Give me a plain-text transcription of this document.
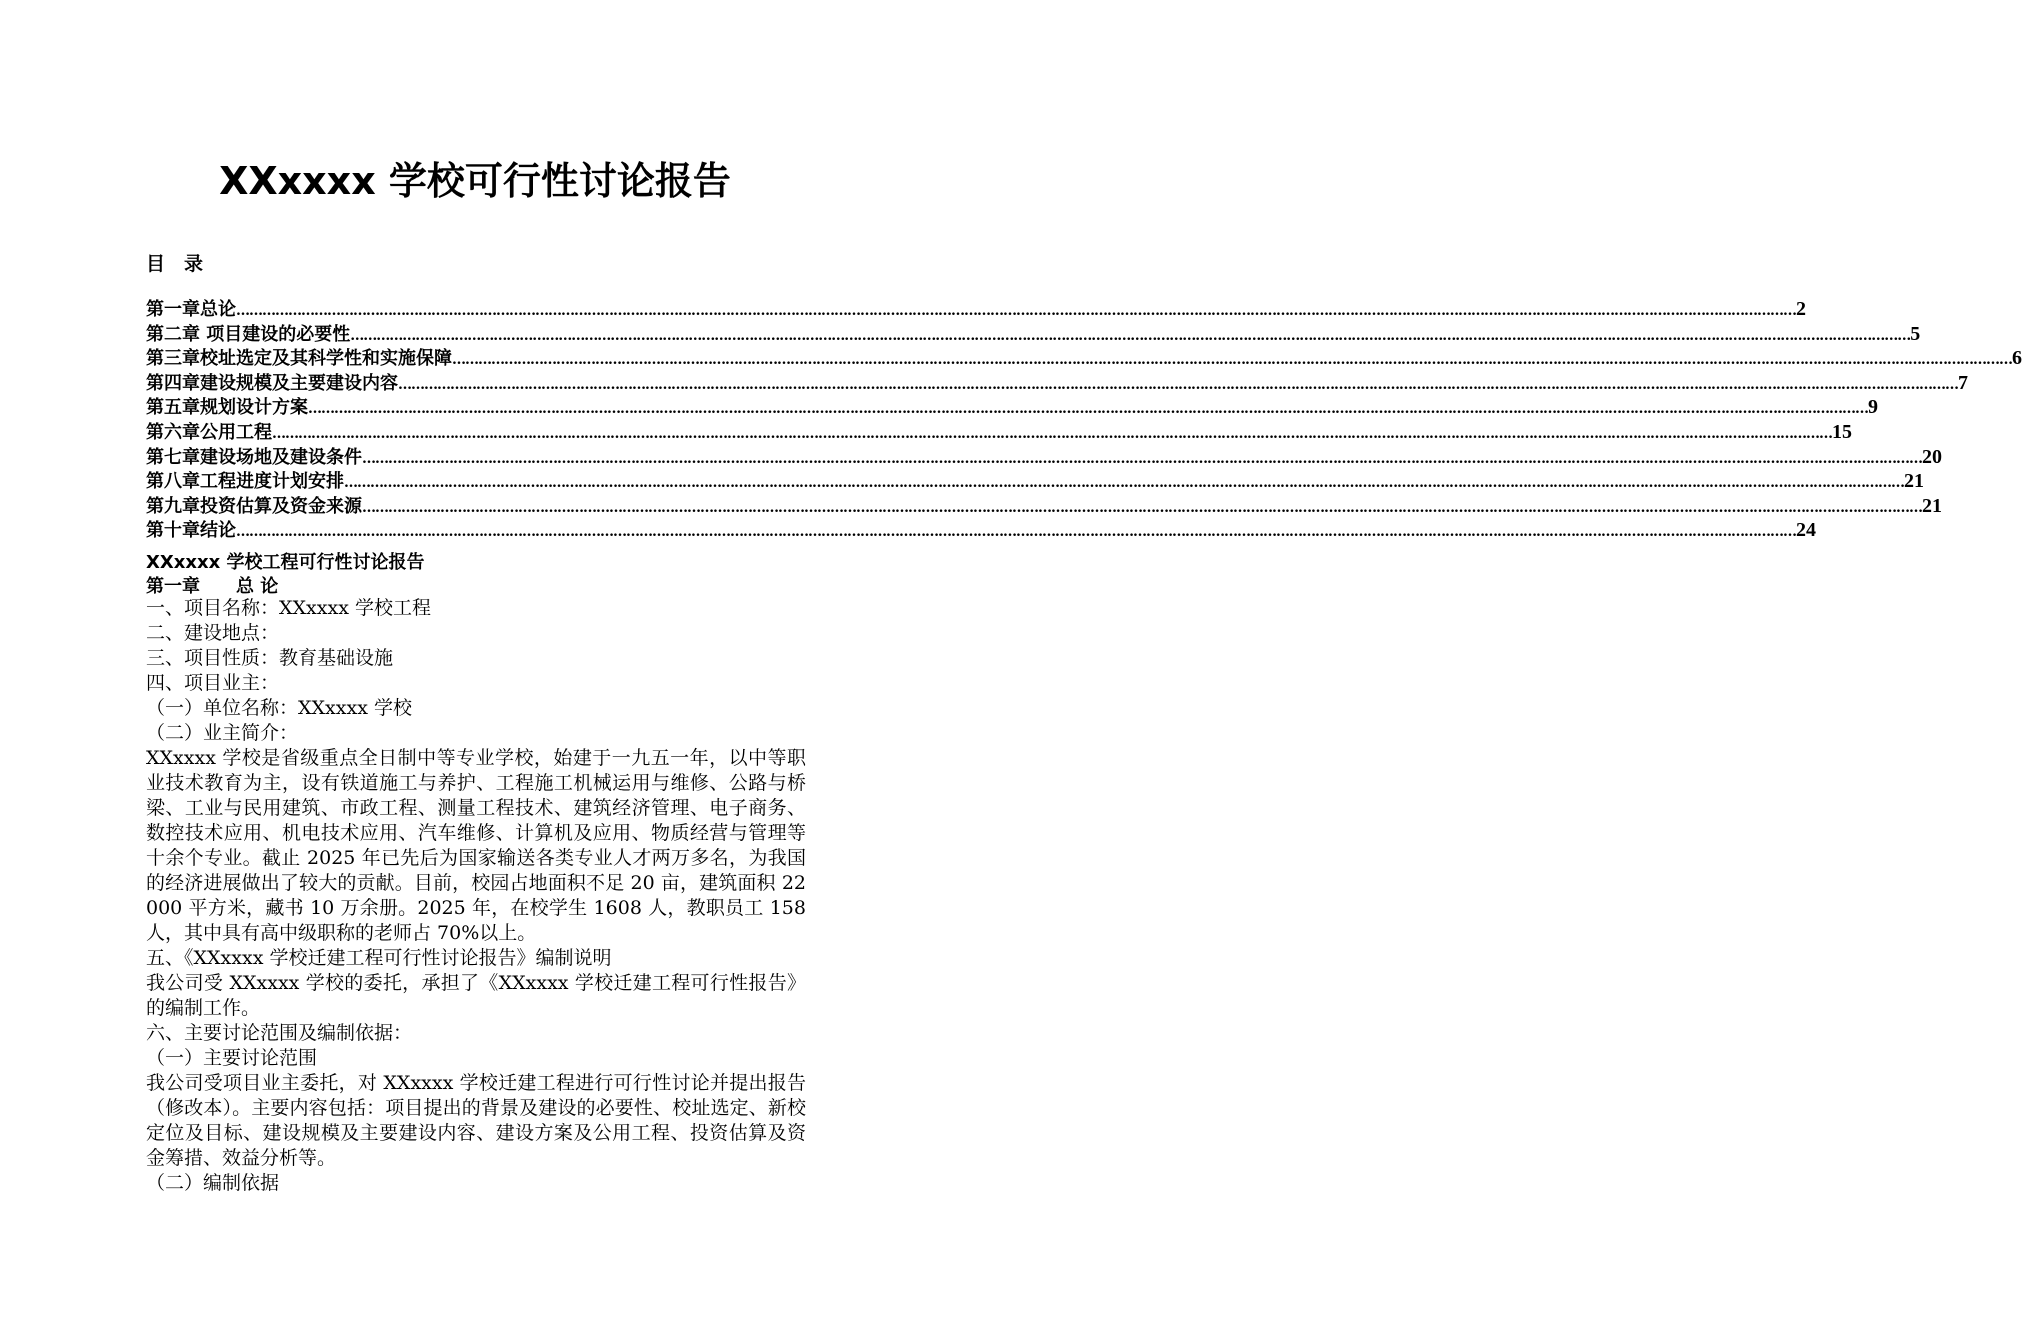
XXxxxx 学校可行性讨论报告
目　录
第一章总论 ……………………………………………………………………………………………………………………………………………………………………………………………………………………………………………………………………………………………………………………………… 2
第二章 项目建设的必要性 ……………………………………………………………………………………………………………………………………………………………………………………………………………………………………………………………………………………………………………………………… 5
第三章校址选定及其科学性和实施保障 ……………………………………………………………………………………………………………………………………………………………………………………………………………………………………………………………………………………………………………………………… 6
第四章建设规模及主要建设内容 ……………………………………………………………………………………………………………………………………………………………………………………………………………………………………………………………………………………………………………………………… 7
第五章规划设计方案 ……………………………………………………………………………………………………………………………………………………………………………………………………………………………………………………………………………………………………………………………… 9
第六章公用工程 ……………………………………………………………………………………………………………………………………………………………………………………………………………………………………………………………………………………………………………………………… 15
第七章建设场地及建设条件 ……………………………………………………………………………………………………………………………………………………………………………………………………………………………………………………………………………………………………………………………… 20
第八章工程进度计划安排 ……………………………………………………………………………………………………………………………………………………………………………………………………………………………………………………………………………………………………………………………… 21
第九章投资估算及资金来源 ……………………………………………………………………………………………………………………………………………………………………………………………………………………………………………………………………………………………………………………………… 21
第十章结论 ……………………………………………………………………………………………………………………………………………………………………………………………………………………………………………………………………………………………………………………………… 24
XXxxxx 学校工程可行性讨论报告
第一章　　总 论
一、项目名称：XXxxxx 学校工程
二、建设地点：
三、项目性质：教育基础设施
四、项目业主：
（一）单位名称：XXxxxx 学校
（二）业主简介：
XXxxxx 学校是省级重点全日制中等专业学校，始建于一九五一年，以中等职业技术教育为主，设有铁道施工与养护、工程施工机械运用与维修、公路与桥梁、工业与民用建筑、市政工程、测量工程技术、建筑经济管理、电子商务、数控技术应用、机电技术应用、汽车维修、计算机及应用、物质经营与管理等十余个专业。截止 2025 年已先后为国家输送各类专业人才两万多名，为我国的经济进展做出了较大的贡献。目前，校园占地面积不足 20 亩，建筑面积 22000 平方米，藏书 10 万余册。2025 年，在校学生 1608 人，教职员工 158 人，其中具有高中级职称的老师占 70%以上。
五、《XXxxxx 学校迁建工程可行性讨论报告》编制说明
我公司受 XXxxxx 学校的委托，承担了《XXxxxx 学校迁建工程可行性报告》的编制工作。
六、主要讨论范围及编制依据：
（一）主要讨论范围
我公司受项目业主委托，对 XXxxxx 学校迁建工程进行可行性讨论并提出报告（修改本）。主要内容包括：项目提出的背景及建设的必要性、校址选定、新校定位及目标、建设规模及主要建设内容、建设方案及公用工程、投资估算及资金筹措、效益分析等。
（二）编制依据
